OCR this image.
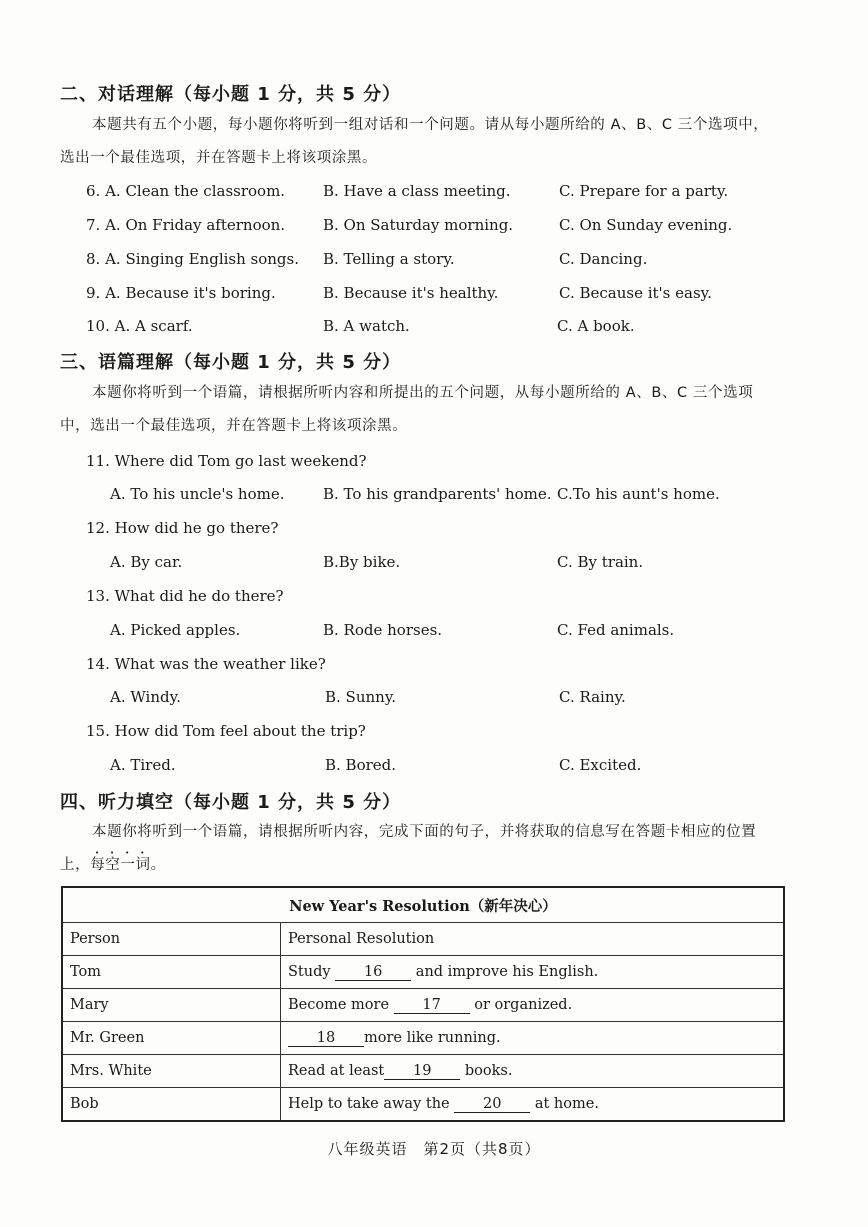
二、对话理解（每小题 1 分，共 5 分）
本题共有五个小题，每小题你将听到一组对话和一个问题。请从每小题所给的 A、B、C 三个选项中，选出一个最佳选项，并在答题卡上将该项涂黑。
6. A. Clean the classroom.	B. Have a class meeting.	C. Prepare for a party.
7. A. On Friday afternoon.	B. On Saturday morning.	C. On Sunday evening.
8. A. Singing English songs. B. Telling a story.	C. Dancing.
9. A. Because it's boring.	B. Because it's healthy.	C. Because it's easy.
10. A. A scarf.	B. A watch.	C. A book.
三、语篇理解（每小题 1 分，共 5 分）
本题你将听到一个语篇，请根据所听内容和所提出的五个问题，从每小题所给的 A、B、C 三个选项中，选出一个最佳选项，并在答题卡上将该项涂黑。
11. Where did Tom go last weekend?
A. To his uncle's home.	B. To his grandparents' home. C.To his aunt's home.
12. How did he go there?
A. By car.	B.By bike.	C. By train.
13. What did he do there?
A. Picked apples.	B. Rode horses.	C. Fed animals.
14. What was the weather like?
A. Windy.	B. Sunny.	C. Rainy.
15. How did Tom feel about the trip?
A. Tired.	B. Bored.	C. Excited.
四、听力填空（每小题 1 分，共 5 分）
本题你将听到一个语篇，请根据所听内容，完成下面的句子，并将获取的信息写在答题卡相应的位置上，每空一词。
New Year's Resolution（新年决心）	
Person	Personal Resolution
Tom	Study 16 and improve his English.
Mary	Become more 17 or organized.
Mr. Green	18 more like running.
Mrs. White	Read at least 19 books.
Bob	Help to take away the 20 at home.
八年级英语　第2页（共8页）
